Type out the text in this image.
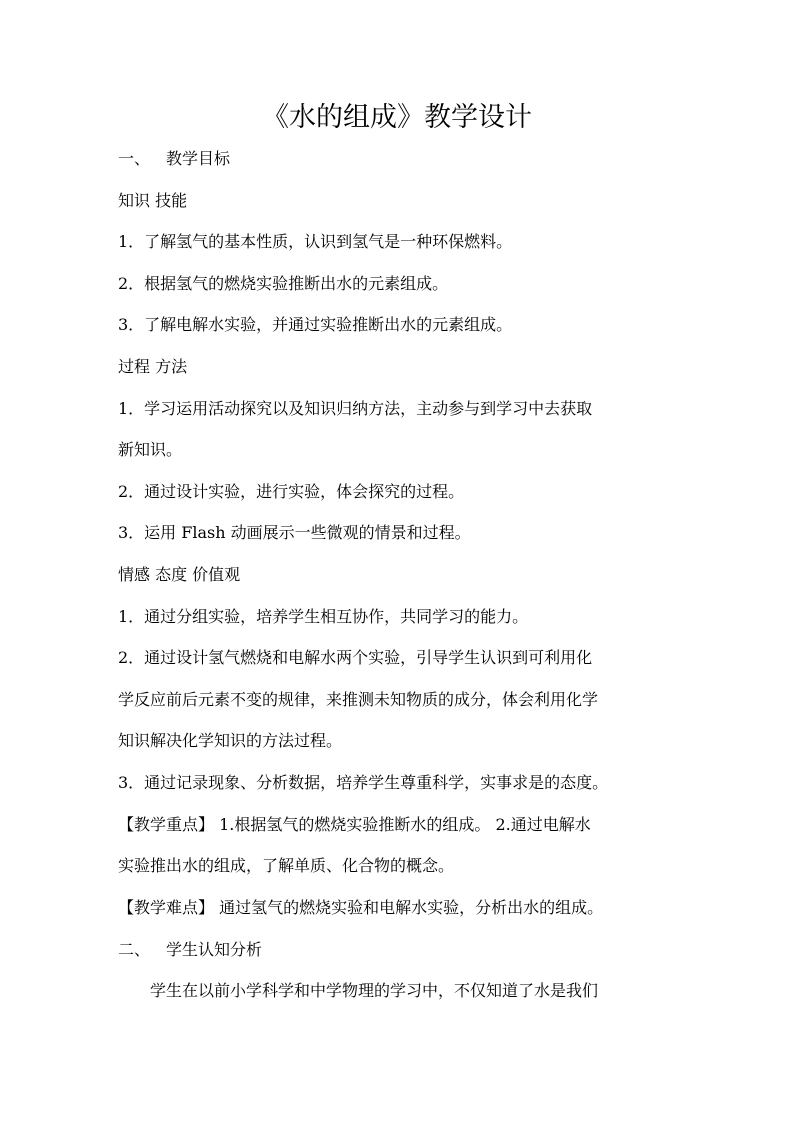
《水的组成》教学设计
一、 教学目标
知识 技能
1．了解氢气的基本性质，认识到氢气是一种环保燃料。
2．根据氢气的燃烧实验推断出水的元素组成。
3．了解电解水实验，并通过实验推断出水的元素组成。
过程 方法
1．学习运用活动探究以及知识归纳方法，主动参与到学习中去获取
新知识。
2．通过设计实验，进行实验，体会探究的过程。
3．运用 Flash 动画展示一些微观的情景和过程。
情感 态度 价值观
1．通过分组实验，培养学生相互协作，共同学习的能力。
2．通过设计氢气燃烧和电解水两个实验，引导学生认识到可利用化
学反应前后元素不变的规律，来推测未知物质的成分，体会利用化学
知识解决化学知识的方法过程。
3．通过记录现象、分析数据，培养学生尊重科学，实事求是的态度。
【教学重点】 1.根据氢气的燃烧实验推断水的组成。 2.通过电解水
实验推出水的组成，了解单质、化合物的概念。
【教学难点】 通过氢气的燃烧实验和电解水实验，分析出水的组成。
二、 学生认知分析
学生在以前小学科学和中学物理的学习中，不仅知道了水是我们
